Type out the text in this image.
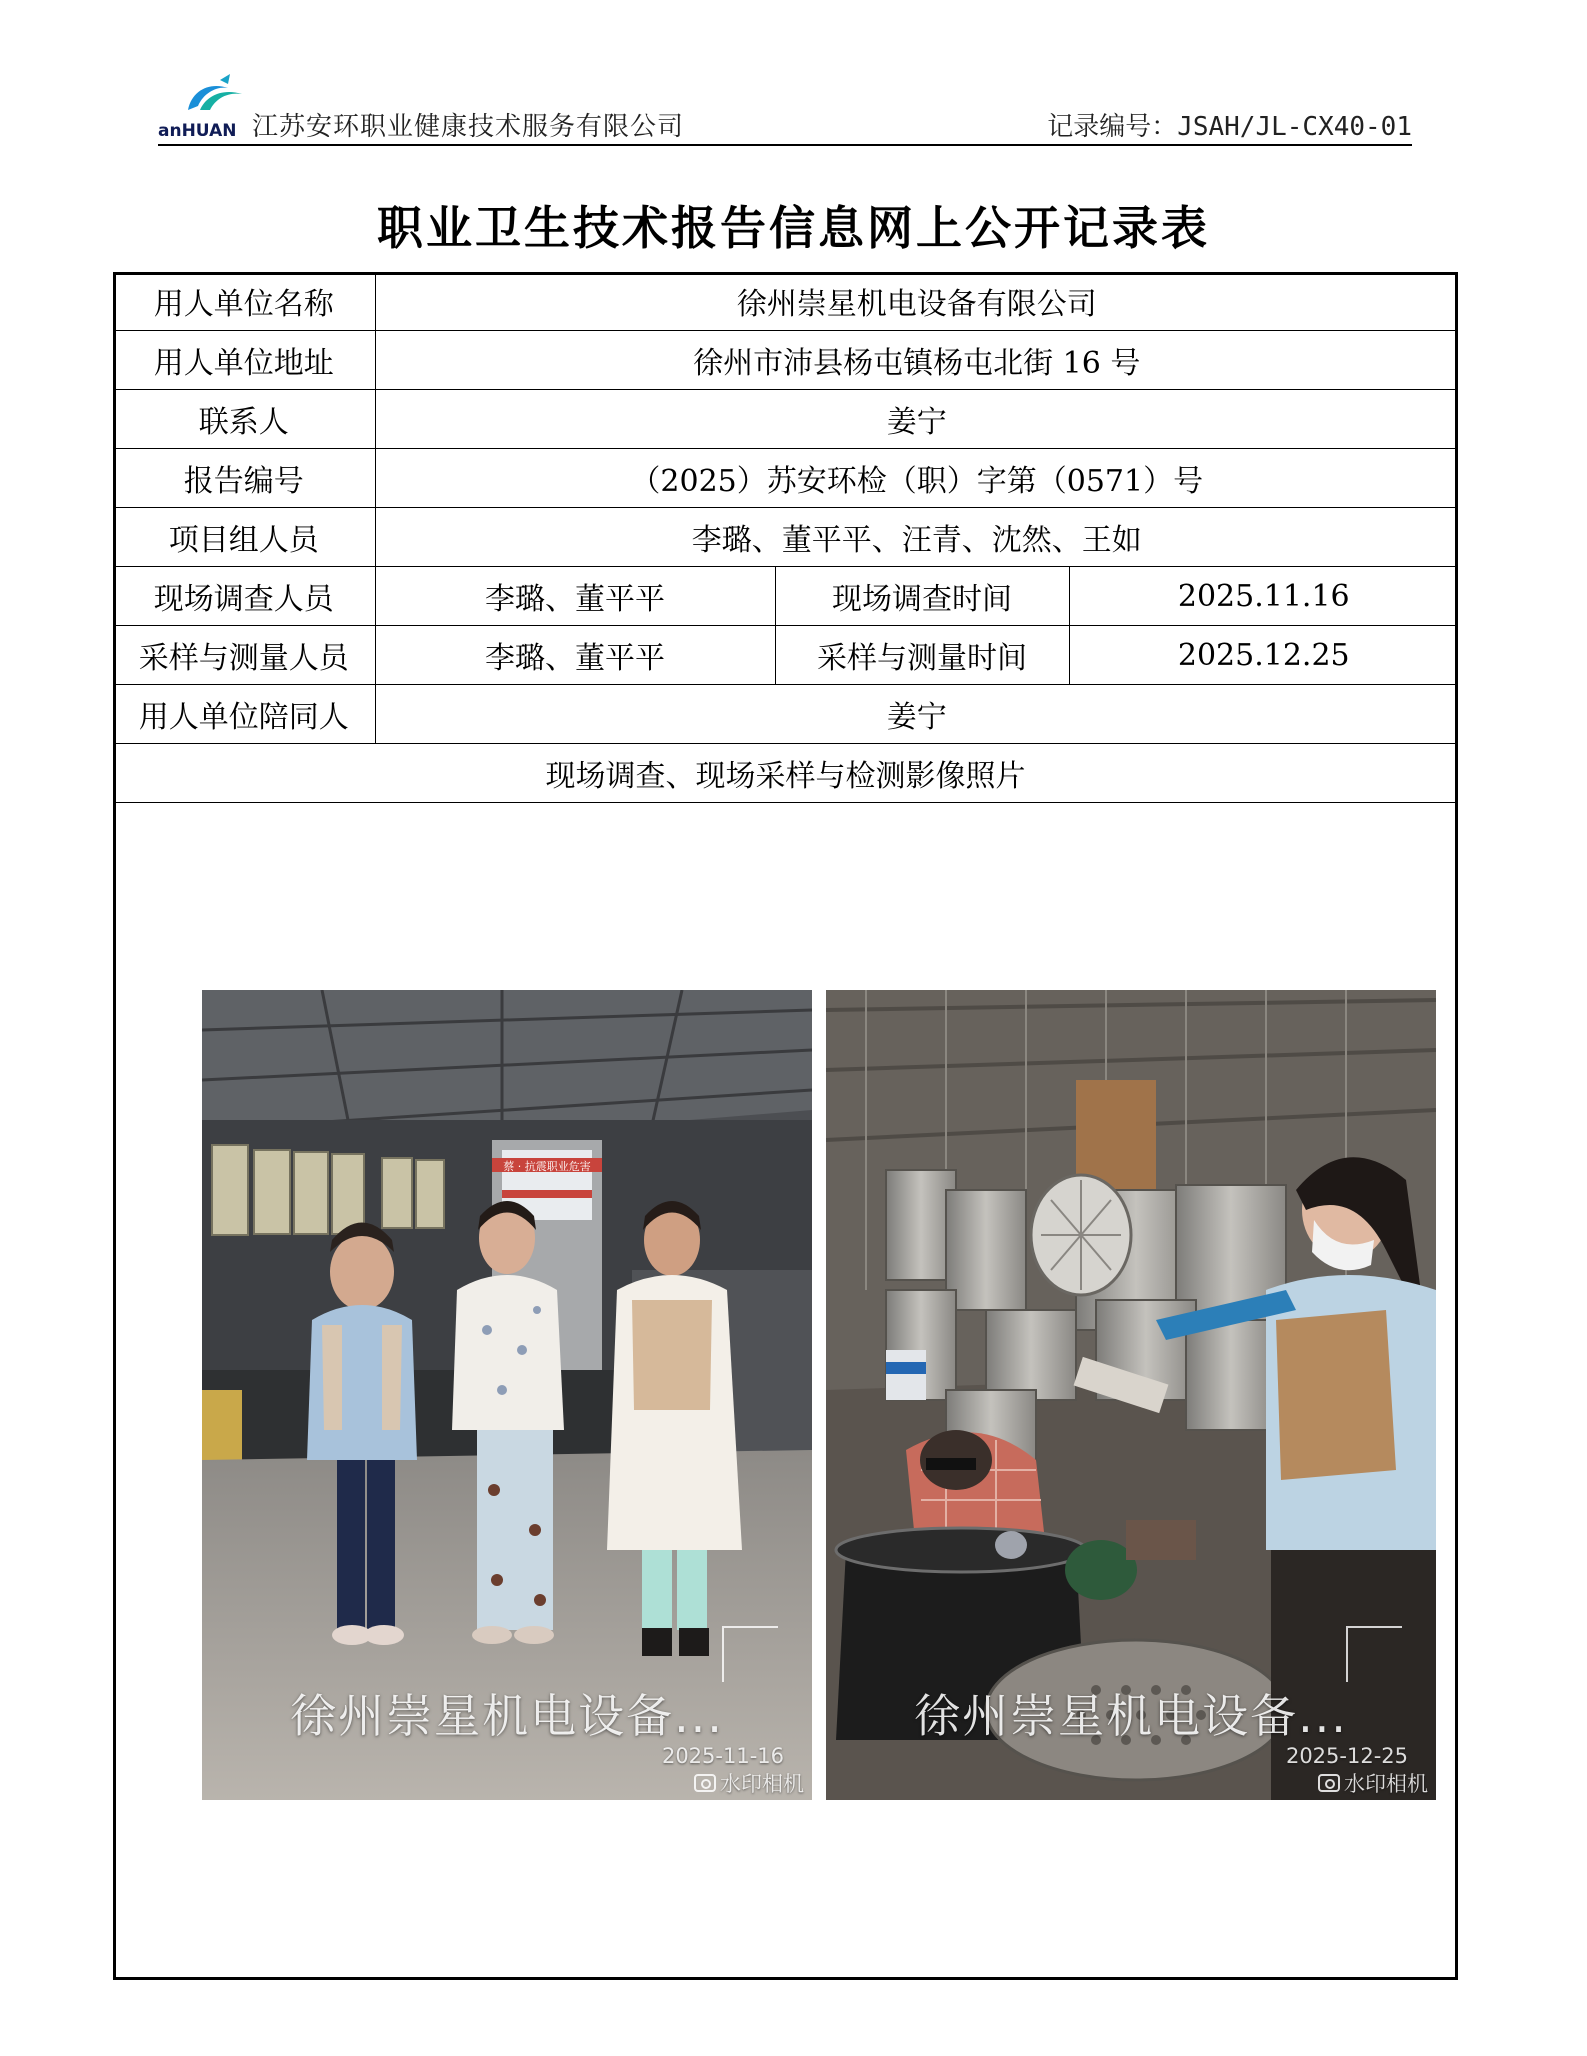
anHUAN 江苏安环职业健康技术服务有限公司	记录编号：JSAH/JL-CX40-01
职业卫生技术报告信息网上公开记录表
用人单位名称	徐州崇星机电设备有限公司		
用人单位地址	徐州市沛县杨屯镇杨屯北街 16 号		
联系人	姜宁		
报告编号	（2025）苏安环检（职）字第（0571）号		
项目组人员	李璐、董平平、汪青、沈然、王如		
现场调查人员	李璐、董平平	现场调查时间	2025.11.16
采样与测量人员	李璐、董平平	采样与测量时间	2025.12.25
用人单位陪同人	姜宁		
现场调查、现场采样与检测影像照片			
蔡 · 抗震职业危害
徐州崇星机电设备...
2025-11-16
水印相机
徐州崇星机电设备...
2025-12-25
水印相机
